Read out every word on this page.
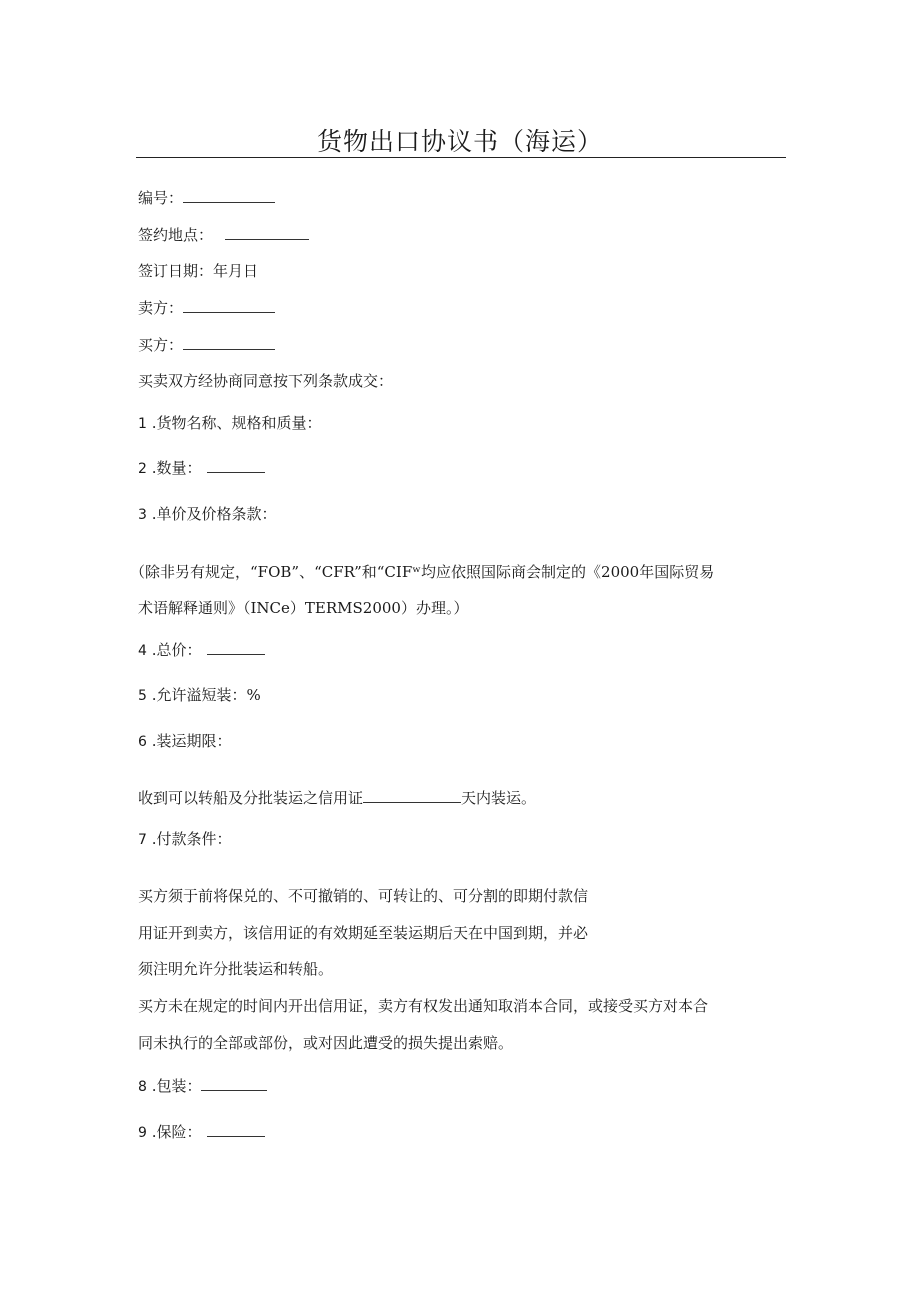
货物出口协议书（海运）
编号：
签约地点：
签订日期：年月日
卖方：
买方：
买卖双方经协商同意按下列条款成交：
1 .货物名称、规格和质量：
2 .数量：
3 .单价及价格条款：
（除非另有规定，“FOB”、“CFR”和“CIFʷ均应依照国际商会制定的《2000年国际贸易
术语解释通则》（INCe）TERMS2000）办理。）
4 .总价：
5 .允许溢短装：%
6 .装运期限：
收到可以转船及分批装运之信用证	天内装运。
7 .付款条件：
买方须于前将保兑的、不可撤销的、可转让的、可分割的即期付款信
用证开到卖方，该信用证的有效期延至装运期后天在中国到期，并必
须注明允许分批装运和转船。
买方未在规定的时间内开出信用证，卖方有权发出通知取消本合同，或接受买方对本合
同未执行的全部或部份，或对因此遭受的损失提出索赔。
8 .包装：
9 .保险：
